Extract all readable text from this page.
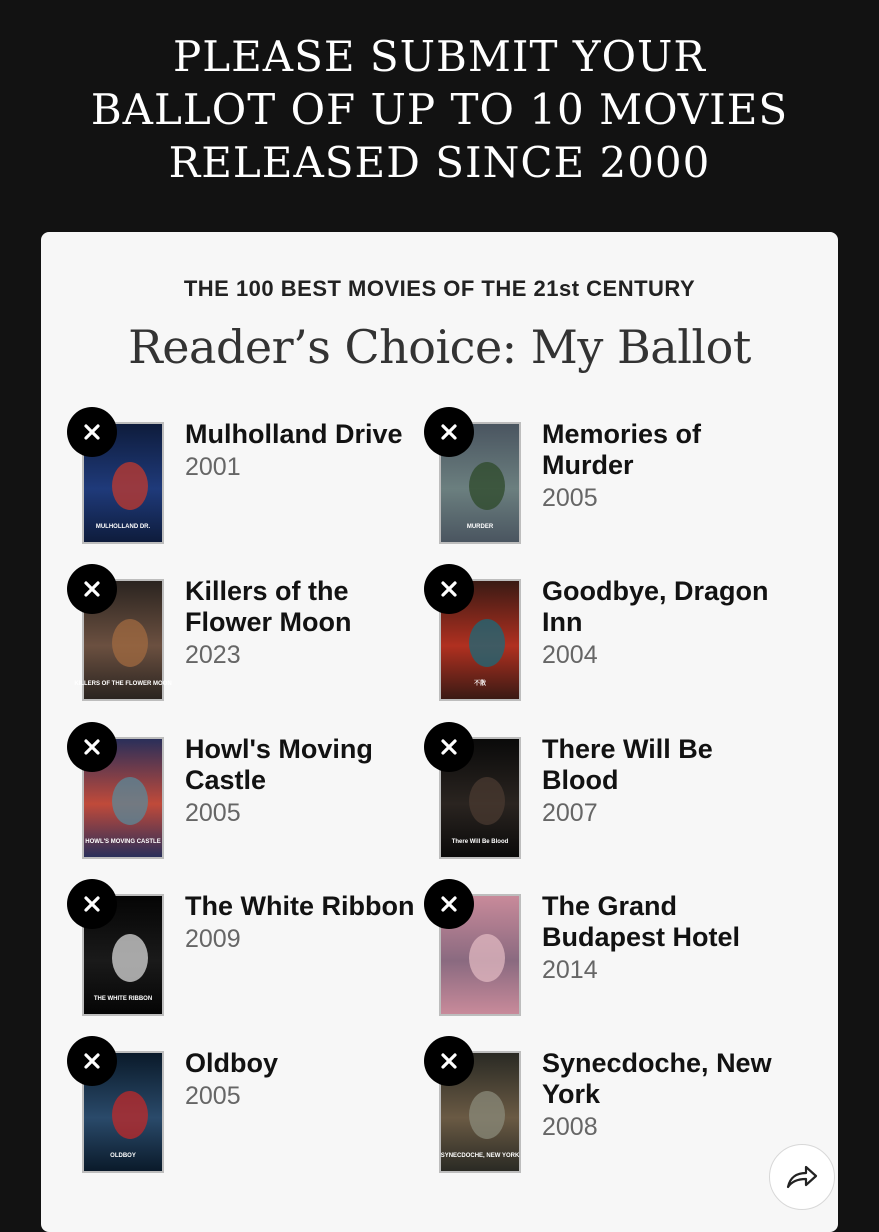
PLEASE SUBMIT YOUR
BALLOT OF UP TO 10 MOVIES
RELEASED SINCE 2000
THE 100 BEST MOVIES OF THE 21st CENTURY
Reader’s Choice: My Ballot
MULHOLLAND DR.
Mulholland Drive
2001
MURDER
Memories of Murder
2005
KILLERS OF THE FLOWER MOON
Killers of the Flower Moon
2023
不散
Goodbye, Dragon Inn
2004
HOWL'S MOVING CASTLE
Howl's Moving Castle
2005
There Will Be Blood
There Will Be Blood
2007
THE WHITE RIBBON
The White Ribbon
2009
The Grand Budapest Hotel
2014
OLDBOY
Oldboy
2005
SYNECDOCHE, NEW YORK
Synecdoche, New York
2008
